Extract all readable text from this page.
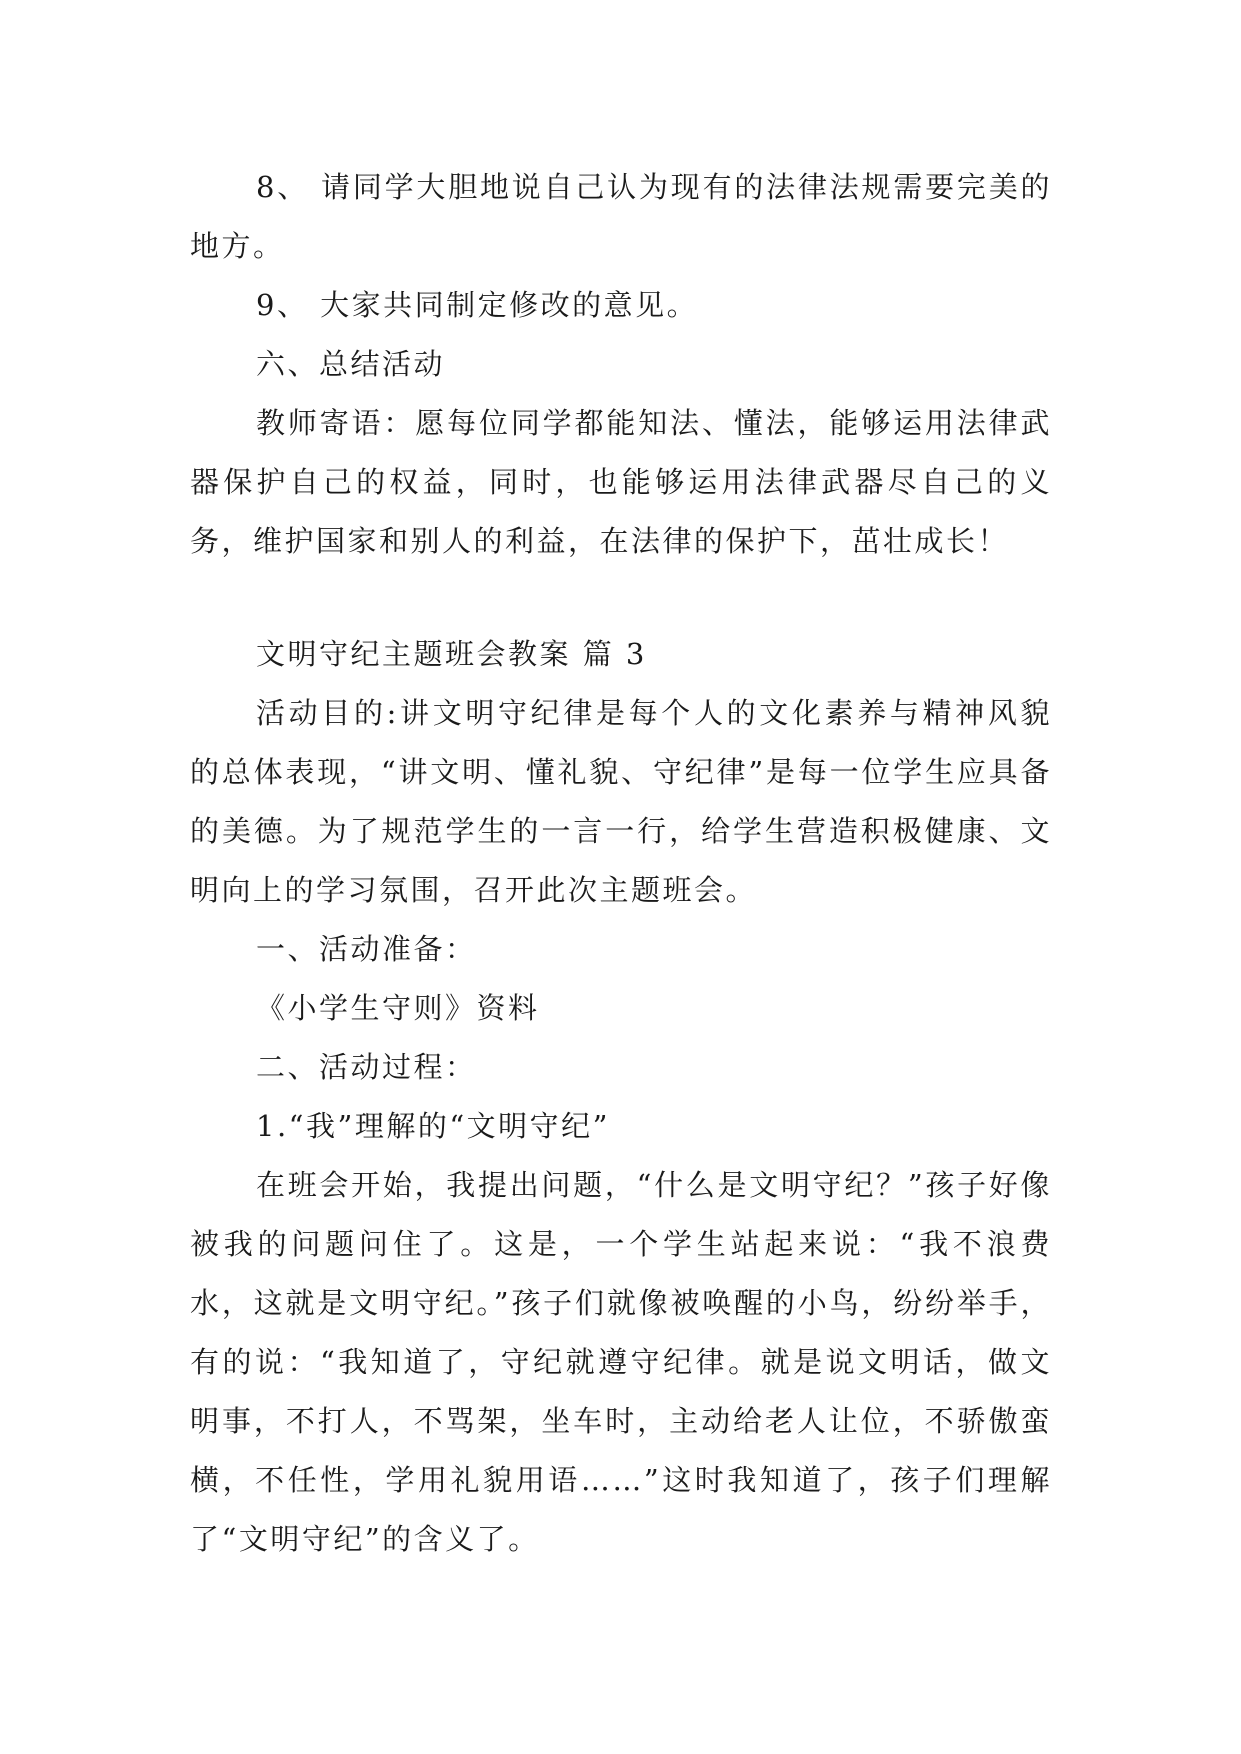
8、 请同学大胆地说自己认为现有的法律法规需要完美的地方。

9、 大家共同制定修改的意见。

六、总结活动

教师寄语：愿每位同学都能知法、懂法，能够运用法律武器保护自己的权益，同时，也能够运用法律武器尽自己的义务，维护国家和别人的利益，在法律的保护下，茁壮成长！

文明守纪主题班会教案 篇 3

活动目的:讲文明守纪律是每个人的文化素养与精神风貌的总体表现，“讲文明、懂礼貌、守纪律”是每一位学生应具备的美德。为了规范学生的一言一行，给学生营造积极健康、文明向上的学习氛围，召开此次主题班会。

一、活动准备：

《小学生守则》资料

二、活动过程：

1.“我”理解的“文明守纪”

在班会开始，我提出问题，“什么是文明守纪？”孩子好像被我的问题问住了。这是，一个学生站起来说：“我不浪费水，这就是文明守纪。”孩子们就像被唤醒的小鸟，纷纷举手，有的说：“我知道了，守纪就遵守纪律。就是说文明话，做文明事，不打人，不骂架，坐车时，主动给老人让位，不骄傲蛮横，不任性，学用礼貌用语……”这时我知道了，孩子们理解了“文明守纪”的含义了。
